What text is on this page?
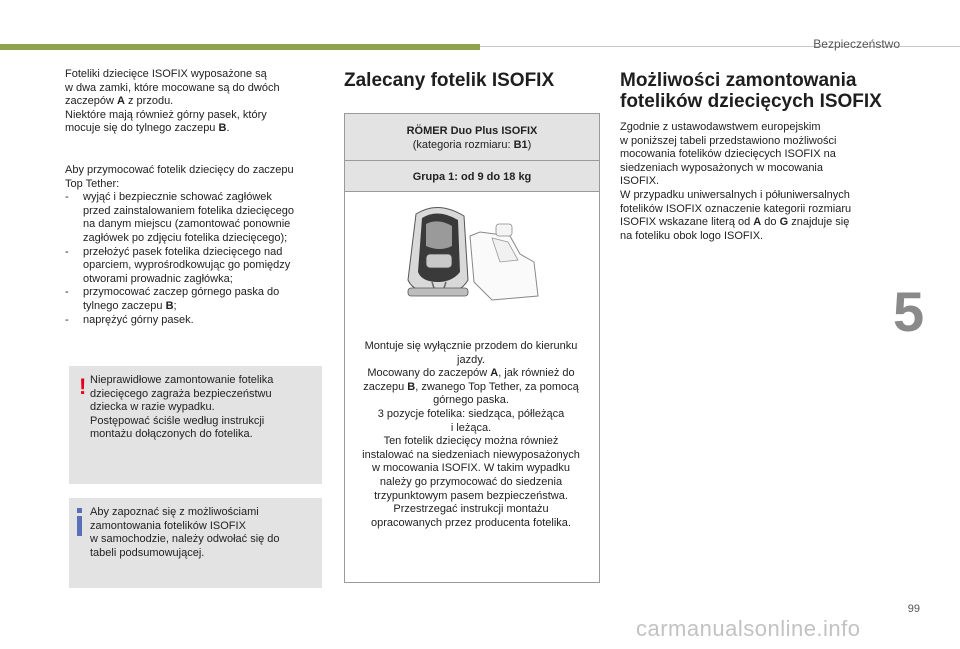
Bezpieczeństwo
5
99
carmanualsonline.info

Foteliki dziecięce ISOFIX wyposażone są
w dwa zamki, które mocowane są do dwóch
zaczepów A z przodu.
Niektóre mają również górny pasek, który
mocuje się do tylnego zaczepu B.

Aby przymocować fotelik dziecięcy do zaczepu
Top Tether:

- wyjąć i bezpiecznie schować zagłówek
przed zainstalowaniem fotelika dziecięcego
na danym miejscu (zamontować ponownie
zagłówek po zdjęciu fotelika dziecięcego);
- przełożyć pasek fotelika dziecięcego nad
oparciem, wyprośrodkowując go pomiędzy
otworami prowadnic zagłówka;
- przymocować zaczep górnego paska do
tylnego zaczepu B;
- naprężyć górny pasek.
! Nieprawidłowe zamontowanie fotelika
dziecięcego zagraża bezpieczeństwu
dziecka w razie wypadku.
Postępować ściśle według instrukcji
montażu dołączonych do fotelika.
Aby zapoznać się z możliwościami
zamontowania fotelików ISOFIX
w samochodzie, należy odwołać się do
tabeli podsumowującej.
Zalecany fotelik ISOFIX
RÖMER Duo Plus ISOFIX
(kategoria rozmiaru: B1)
Grupa 1: od 9 do 18 kg
Montuje się wyłącznie przodem do kierunku
jazdy.
Mocowany do zaczepów A, jak również do
zaczepu B, zwanego Top Tether, za pomocą
górnego paska.
3 pozycje fotelika: siedząca, półleżąca
i leżąca.
Ten fotelik dziecięcy można również
instalować na siedzeniach niewyposażonych
w mocowania ISOFIX. W takim wypadku
należy go przymocować do siedzenia
trzypunktowym pasem bezpieczeństwa.
Przestrzegać instrukcji montażu
opracowanych przez producenta fotelika.
Możliwości zamontowania
fotelików dziecięcych ISOFIX

Zgodnie z ustawodawstwem europejskim
w poniższej tabeli przedstawiono możliwości
mocowania fotelików dziecięcych ISOFIX na
siedzeniach wyposażonych w mocowania
ISOFIX.
W przypadku uniwersalnych i półuniwersalnych
fotelików ISOFIX oznaczenie kategorii rozmiaru
ISOFIX wskazane literą od A do G znajduje się
na foteliku obok logo ISOFIX.
